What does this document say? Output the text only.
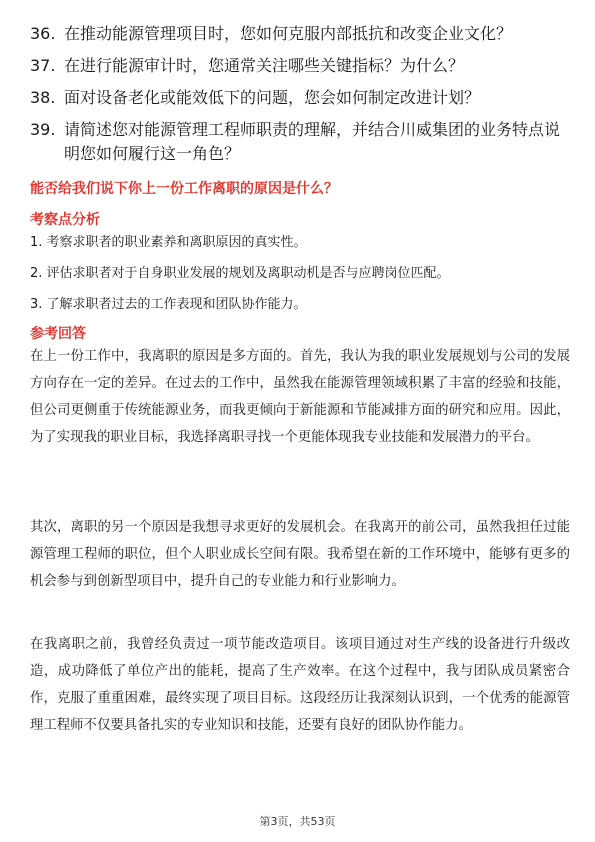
36. 在推动能源管理项目时，您如何克服内部抵抗和改变企业文化？
37. 在进行能源审计时，您通常关注哪些关键指标？为什么？
38. 面对设备老化或能效低下的问题，您会如何制定改进计划？
39. 请简述您对能源管理工程师职责的理解，并结合川威集团的业务特点说明您如何履行这一角色？
能否给我们说下你上一份工作离职的原因是什么？
考察点分析
1. 考察求职者的职业素养和离职原因的真实性。
2. 评估求职者对于自身职业发展的规划及离职动机是否与应聘岗位匹配。
3. 了解求职者过去的工作表现和团队协作能力。
参考回答

在上一份工作中，我离职的原因是多方面的。首先，我认为我的职业发展规划与公司的发展方向存在一定的差异。在过去的工作中，虽然我在能源管理领域积累了丰富的经验和技能，但公司更侧重于传统能源业务，而我更倾向于新能源和节能减排方面的研究和应用。因此，为了实现我的职业目标，我选择离职寻找一个更能体现我专业技能和发展潜力的平台。

其次，离职的另一个原因是我想寻求更好的发展机会。在我离开的前公司，虽然我担任过能源管理工程师的职位，但个人职业成长空间有限。我希望在新的工作环境中，能够有更多的机会参与到创新型项目中，提升自己的专业能力和行业影响力。

在我离职之前，我曾经负责过一项节能改造项目。该项目通过对生产线的设备进行升级改造，成功降低了单位产出的能耗，提高了生产效率。在这个过程中，我与团队成员紧密合作，克服了重重困难，最终实现了项目目标。这段经历让我深刻认识到，一个优秀的能源管理工程师不仅要具备扎实的专业知识和技能，还要有良好的团队协作能力。

第3页，共53页
